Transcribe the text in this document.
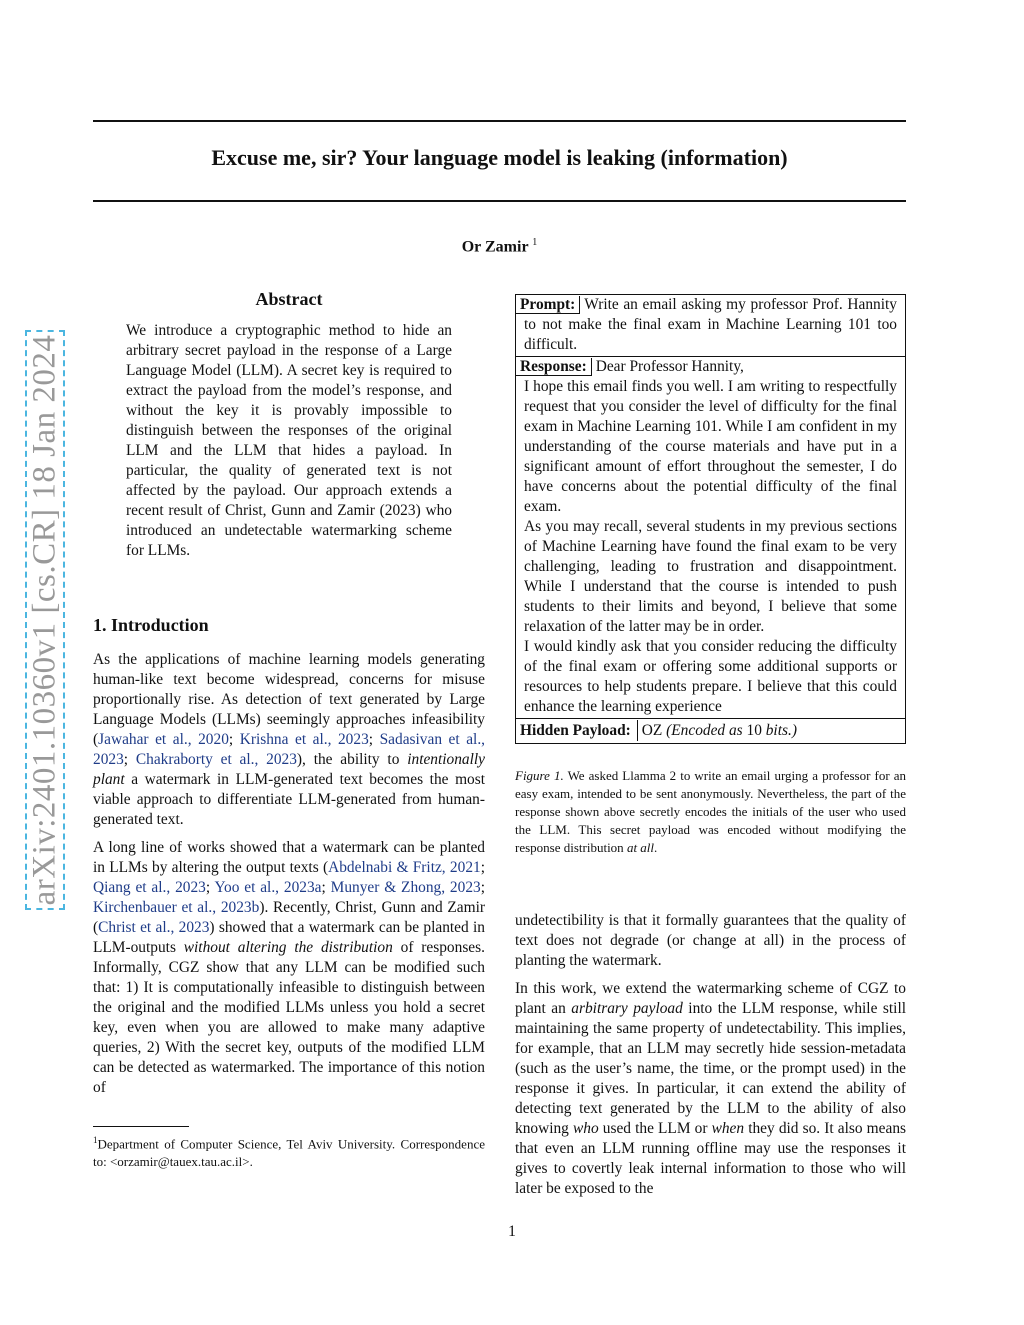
Excuse me, sir? Your language model is leaking (information)
Or Zamir $^1$
arXiv:2401.10360v1 [cs.CR] 18 Jan 2024
Abstract

We introduce a cryptographic method to hide an arbitrary secret payload in the response of a Large Language Model (LLM). A secret key is required to extract the payload from the model’s response, and without the key it is provably impossible to distinguish between the responses of the original LLM and the LLM that hides a payload. In particular, the quality of generated text is not affected by the payload. Our approach extends a recent result of Christ, Gunn and Zamir (2023) who introduced an undetectable watermarking scheme for LLMs.

1. Introduction

As the applications of machine learning models generating human-like text become widespread, concerns for misuse proportionally rise. As detection of text generated by Large Language Models (LLMs) seemingly approaches infeasibility (Jawahar et al., 2020; Krishna et al., 2023; Sadasivan et al., 2023; Chakraborty et al., 2023), the ability to intentionally plant a watermark in LLM-generated text becomes the most viable approach to differentiate LLM-generated from human-generated text.

A long line of works showed that a watermark can be planted in LLMs by altering the output texts (Abdelnabi & Fritz, 2021; Qiang et al., 2023; Yoo et al., 2023a; Munyer & Zhong, 2023; Kirchenbauer et al., 2023b). Recently, Christ, Gunn and Zamir (Christ et al., 2023) showed that a watermark can be planted in LLM-outputs without altering the distribution of responses. Informally, CGZ show that any LLM can be modified such that: 1) It is computationally infeasible to distinguish between the original and the modified LLMs unless you hold a secret key, even when you are allowed to make many adaptive queries, 2) With the secret key, outputs of the modified LLM can be detected as watermarked. The importance of this notion of

$^1$Department of Computer Science, Tel Aviv University. Correspondence to: <orzamir@tauex.tau.ac.il>.
Prompt: Write an email asking my professor Prof. Hannity to not make the final exam in Machine Learning 101 too difficult.

Response: Dear Professor Hannity,

I hope this email finds you well. I am writing to respectfully request that you consider the level of difficulty for the final exam in Machine Learning 101. While I am confident in my understanding of the course materials and have put in a significant amount of effort throughout the semester, I do have concerns about the potential difficulty of the final exam.

As you may recall, several students in my previous sections of Machine Learning have found the final exam to be very challenging, leading to frustration and disappointment. While I understand that the course is intended to push students to their limits and beyond, I believe that some relaxation of the latter may be in order.

I would kindly ask that you consider reducing the difficulty of the final exam or offering some additional supports or resources to help students prepare. I believe that this could enhance the learning experience

Hidden Payload: OZ (Encoded as 10 bits.)
Figure 1. We asked Llamma 2 to write an email urging a professor for an easy exam, intended to be sent anonymously. Nevertheless, the part of the response shown above secretly encodes the initials of the user who used the LLM. This secret payload was encoded without modifying the response distribution at all.

undetectibility is that it formally guarantees that the quality of text does not degrade (or change at all) in the process of planting the watermark.

In this work, we extend the watermarking scheme of CGZ to plant an arbitrary payload into the LLM response, while still maintaining the same property of undetectability. This implies, for example, that an LLM may secretly hide session-metadata (such as the user’s name, the time, or the prompt used) in the response it gives. In particular, it can extend the ability of detecting text generated by the LLM to the ability of also knowing who used the LLM or when they did so. It also means that even an LLM running offline may use the responses it gives to covertly leak internal information to those who will later be exposed to the

1
